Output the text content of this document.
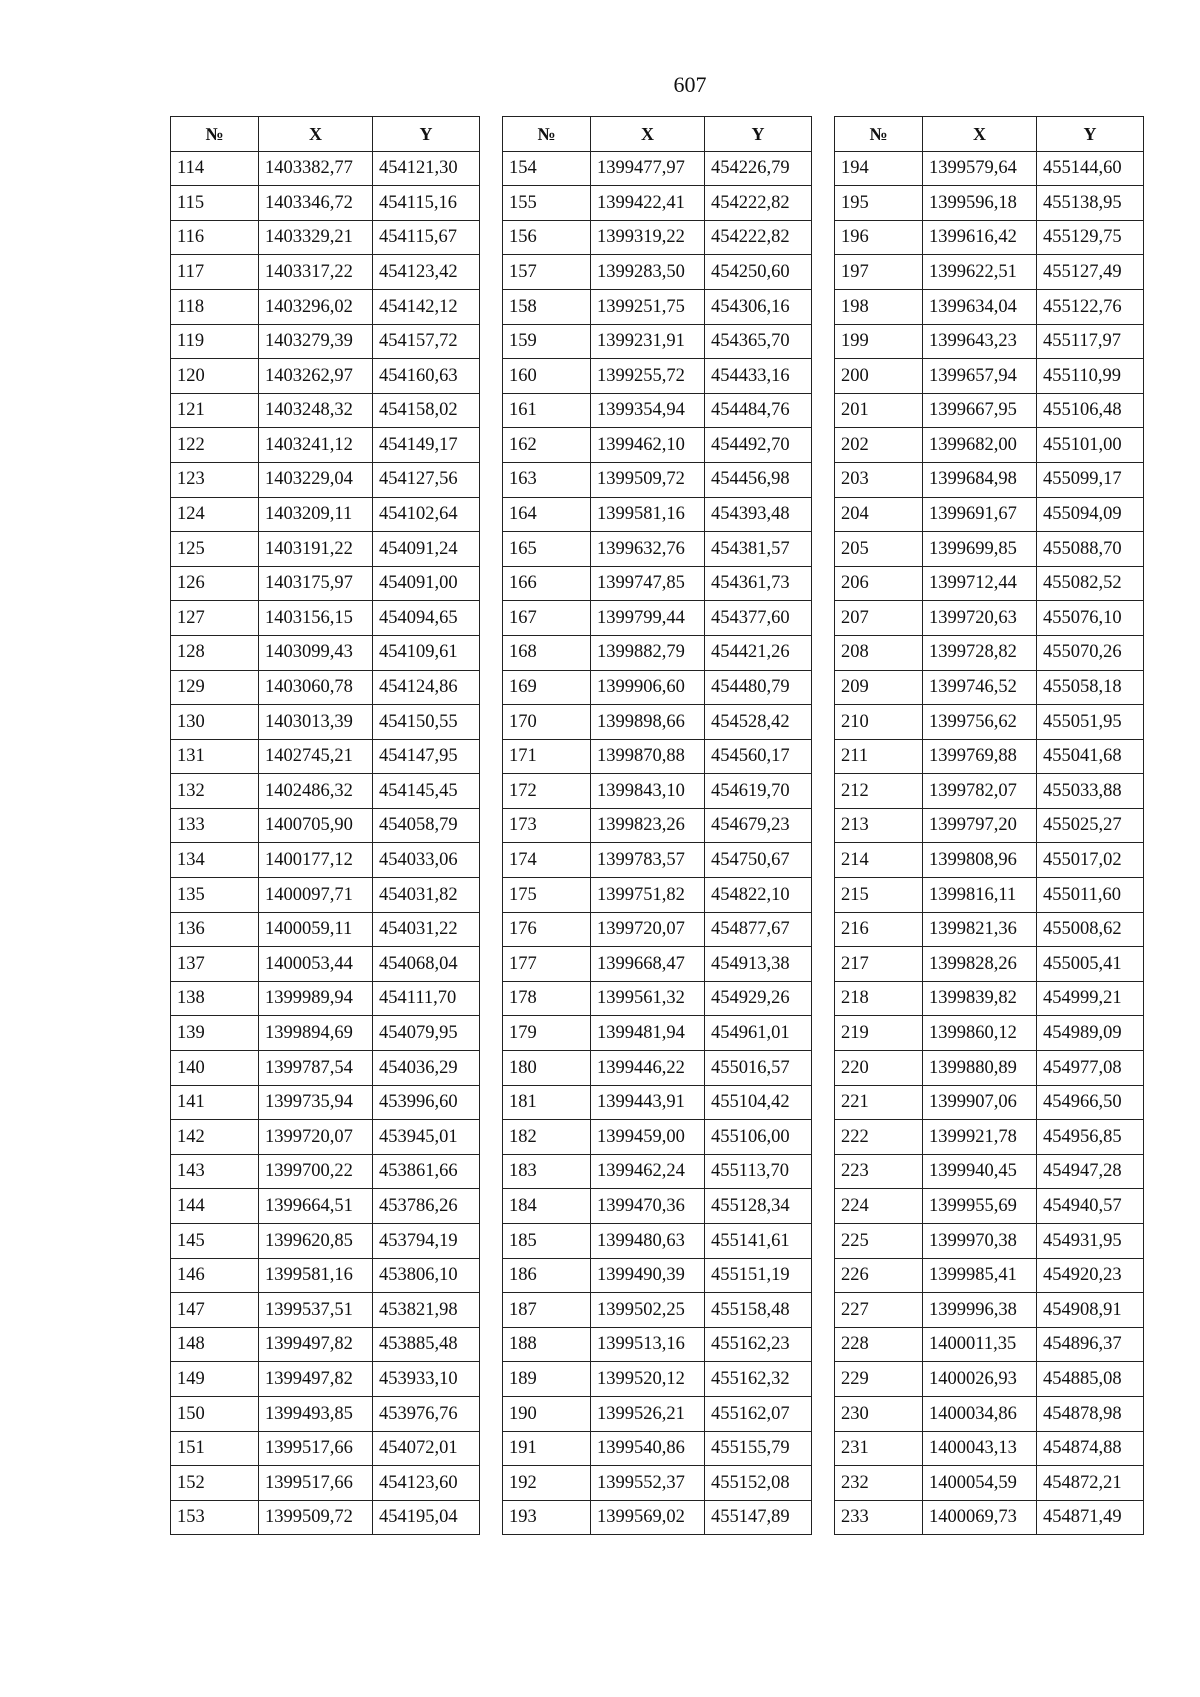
607
№	X	Y
114	1403382,77	454121,30
115	1403346,72	454115,16
116	1403329,21	454115,67
117	1403317,22	454123,42
118	1403296,02	454142,12
119	1403279,39	454157,72
120	1403262,97	454160,63
121	1403248,32	454158,02
122	1403241,12	454149,17
123	1403229,04	454127,56
124	1403209,11	454102,64
125	1403191,22	454091,24
126	1403175,97	454091,00
127	1403156,15	454094,65
128	1403099,43	454109,61
129	1403060,78	454124,86
130	1403013,39	454150,55
131	1402745,21	454147,95
132	1402486,32	454145,45
133	1400705,90	454058,79
134	1400177,12	454033,06
135	1400097,71	454031,82
136	1400059,11	454031,22
137	1400053,44	454068,04
138	1399989,94	454111,70
139	1399894,69	454079,95
140	1399787,54	454036,29
141	1399735,94	453996,60
142	1399720,07	453945,01
143	1399700,22	453861,66
144	1399664,51	453786,26
145	1399620,85	453794,19
146	1399581,16	453806,10
147	1399537,51	453821,98
148	1399497,82	453885,48
149	1399497,82	453933,10
150	1399493,85	453976,76
151	1399517,66	454072,01
152	1399517,66	454123,60
153	1399509,72	454195,04
№	X	Y
154	1399477,97	454226,79
155	1399422,41	454222,82
156	1399319,22	454222,82
157	1399283,50	454250,60
158	1399251,75	454306,16
159	1399231,91	454365,70
160	1399255,72	454433,16
161	1399354,94	454484,76
162	1399462,10	454492,70
163	1399509,72	454456,98
164	1399581,16	454393,48
165	1399632,76	454381,57
166	1399747,85	454361,73
167	1399799,44	454377,60
168	1399882,79	454421,26
169	1399906,60	454480,79
170	1399898,66	454528,42
171	1399870,88	454560,17
172	1399843,10	454619,70
173	1399823,26	454679,23
174	1399783,57	454750,67
175	1399751,82	454822,10
176	1399720,07	454877,67
177	1399668,47	454913,38
178	1399561,32	454929,26
179	1399481,94	454961,01
180	1399446,22	455016,57
181	1399443,91	455104,42
182	1399459,00	455106,00
183	1399462,24	455113,70
184	1399470,36	455128,34
185	1399480,63	455141,61
186	1399490,39	455151,19
187	1399502,25	455158,48
188	1399513,16	455162,23
189	1399520,12	455162,32
190	1399526,21	455162,07
191	1399540,86	455155,79
192	1399552,37	455152,08
193	1399569,02	455147,89
№	X	Y
194	1399579,64	455144,60
195	1399596,18	455138,95
196	1399616,42	455129,75
197	1399622,51	455127,49
198	1399634,04	455122,76
199	1399643,23	455117,97
200	1399657,94	455110,99
201	1399667,95	455106,48
202	1399682,00	455101,00
203	1399684,98	455099,17
204	1399691,67	455094,09
205	1399699,85	455088,70
206	1399712,44	455082,52
207	1399720,63	455076,10
208	1399728,82	455070,26
209	1399746,52	455058,18
210	1399756,62	455051,95
211	1399769,88	455041,68
212	1399782,07	455033,88
213	1399797,20	455025,27
214	1399808,96	455017,02
215	1399816,11	455011,60
216	1399821,36	455008,62
217	1399828,26	455005,41
218	1399839,82	454999,21
219	1399860,12	454989,09
220	1399880,89	454977,08
221	1399907,06	454966,50
222	1399921,78	454956,85
223	1399940,45	454947,28
224	1399955,69	454940,57
225	1399970,38	454931,95
226	1399985,41	454920,23
227	1399996,38	454908,91
228	1400011,35	454896,37
229	1400026,93	454885,08
230	1400034,86	454878,98
231	1400043,13	454874,88
232	1400054,59	454872,21
233	1400069,73	454871,49
